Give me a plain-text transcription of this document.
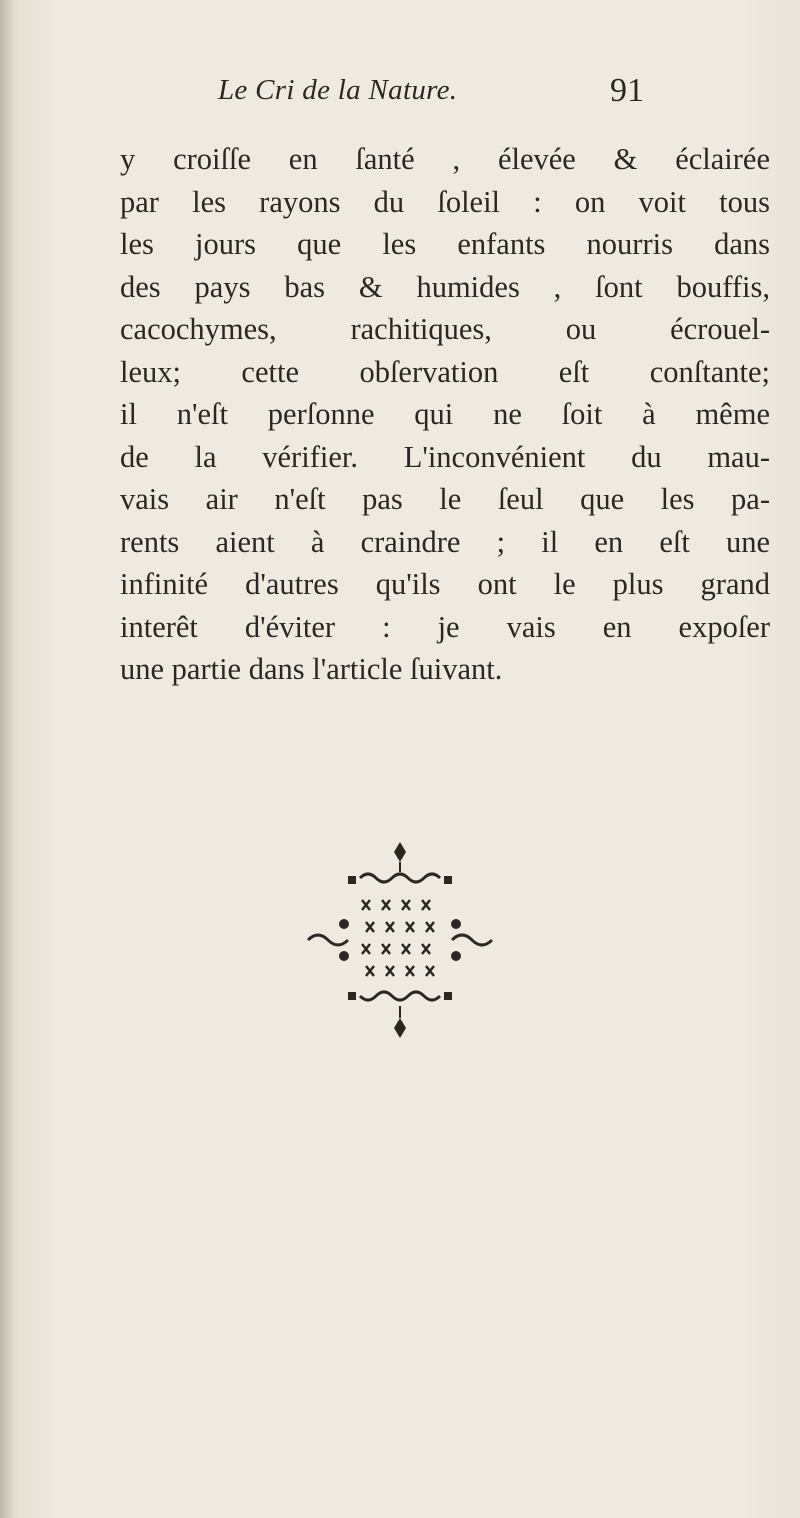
Le Cri de la Nature.	91
y croiſſe en ſanté , élevée & éclairée
par les rayons du ſoleil : on voit tous
les jours que les enfants nourris dans
des pays bas & humides , ſont bouffis,
cacochymes, rachitiques, ou écrouel-
leux; cette obſervation eſt conſtante;
il n'eſt perſonne qui ne ſoit à même
de la vérifier. L'inconvénient du mau-
vais air n'eſt pas le ſeul que les pa-
rents aient à craindre ; il en eſt une
infinité d'autres qu'ils ont le plus grand
interêt d'éviter : je vais en expoſer
une partie dans l'article ſuivant.
